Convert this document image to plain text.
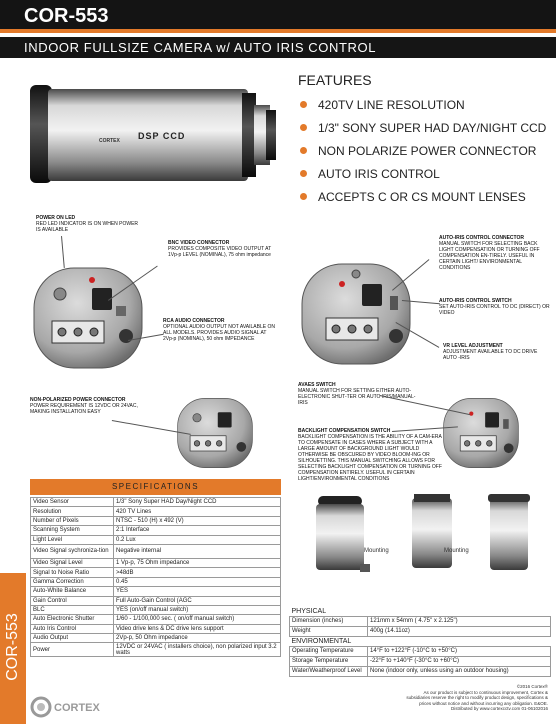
COR-553
INDOOR FULLSIZE CAMERA w/ AUTO IRIS CONTROL
DSP CCD
CORTEX
FEATURES
420TV LINE RESOLUTION
1/3" SONY SUPER HAD DAY/NIGHT CCD
NON POLARIZE POWER CONNECTOR
AUTO IRIS CONTROL
ACCEPTS C OR CS MOUNT LENSES
POWER ON LED
RED LED INDICATOR IS ON WHEN POWER IS AVAILABLE
BNC VIDEO CONNECTOR
PROVIDES COMPOSITE VIDEO OUTPUT AT 1Vp-p LEVEL (NOMINAL), 75 ohm impedance
RCA AUDIO CONNECTOR
OPTIONAL AUDIO OUTPUT NOT AVAILABLE ON ALL MODELS. PROVIDES AUDIO SIGNAL AT 2Vp-p (NOMINAL), 50 ohm IMPEDANCE
AUTO-IRIS CONTROL CONNECTOR
MANUAL SWITCH FOR SELECTING BACK LIGHT COMPENSATION OR TURNING OFF COMPENSATION EN-TIRELY. USEFUL IN CERTAIN LIGHT/ ENVIRONMENTAL CONDITIONS
AUTO-IRIS CONTROL SWITCH
SET AUTO-IRIS CONTROL TO DC (DIRECT) OR VIDEO
VR LEVEL ADJUSTMENT
ADJUSTMENT AVAILABLE TO DC DRIVE AUTO -IRIS
NON-POLARIZED POWER CONNECTOR
POWER REQUIREMENT IS 12VDC OR 24VAC, MAKING INSTALLATION EASY
AVAES SWITCH
MANUAL SWITCH FOR SETTING EITHER AUTO-ELECTRONIC SHUT-TER OR AUTO IRIS/MANUAL-IRIS
BACKLIGHT COMPENSATION SWITCH
BACKLIGHT COMPENSATION IS THE ABILITY OF A CAM-ERA TO COMPENSATE IN CASES WHERE A SUBJECT WITH A LARGE AMOUNT OF BACKGROUND LIGHT WOULD OTHERWISE BE OBSCURED BY VIDEO BLOOM-ING OR SILHOUETTING. THIS MANUAL SWITCHING ALLOWS FOR SELECTING BACKLIGHT COMPENSATION OR TURNING OFF COMPENSATION ENTIRELY. USEFUL IN CERTAIN LIGHT/ENVIRONMENTAL CONDITIONS
SPECIFICATIONS
Video Sensor	1/3" Sony Super HAD Day/Night CCD
Resolution	420 TV Lines
Number of Pixels	NTSC - 510 (H) x 492 (V)
Scanning System	2:1 Interface
Light Level	0.2 Lux
Video Signal sychroniza-tion	Negative internal
Video Signal Level	1 Vp-p, 75 Ohm impedance
Signal to Noise Ratio	>48dB
Gamma Correction	0.45
Auto-White Balance	YES
Gain Control	Full Auto-Gain Control (AGC
BLC	YES (on/off manual switch)
Auto Electronic Shutter	1/60 - 1/100,000 sec. ( on/off manual switch)
Auto Iris Control	Video drive lens & DC drive lens support
Audio Output	2Vp-p, 50 Ohm impedance
Power	12VDC or 24VAC ( installers choice), non polarized input 3.2 watts
COR-553
Mounting	Mounting
PHYSICAL	
Dimension (inches)	121mm x 54mm ( 4.75" x 2.125")
Weight	400g (14.11oz)
ENVIRONMENTAL	
Operating Temperature	14°F to +122°F (-10°C to +50°C)
Storage Temperature	-22°F to +140°F (-30°C to +60°C)
Water/Weatherproof Level	None (indoor only, unless using an outdoor housing)
CORTEX
©2016 Cortex®
As our product is subject to continuous improvement, Cortex &
subsidiaries reserve the right to modify product design, specifications &
prices without notice and without incurring any obligation. E&OE.
Distributed by www.cortexcctv.com 01-06102016
